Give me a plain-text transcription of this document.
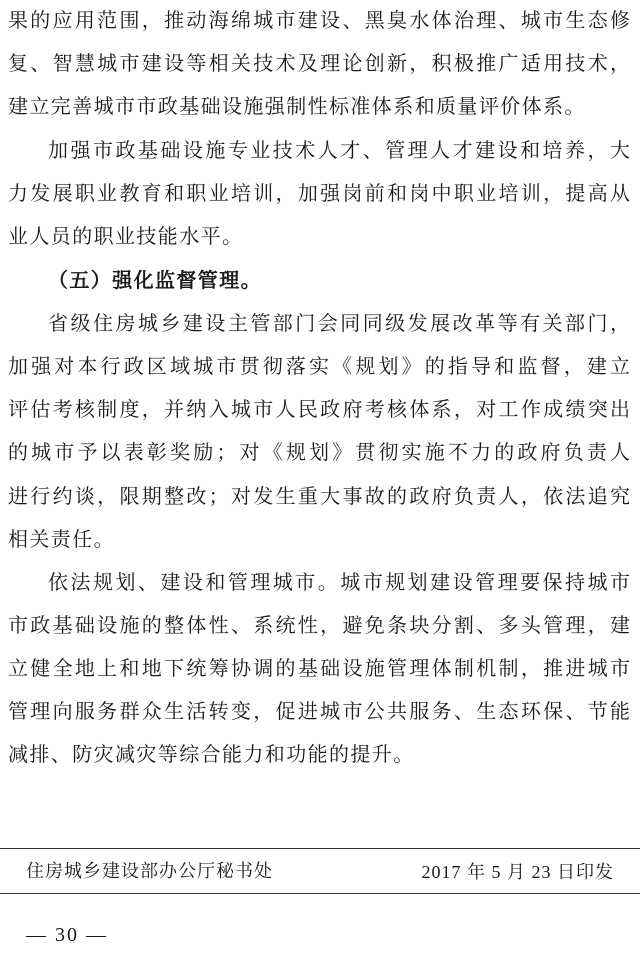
果的应用范围，推动海绵城市建设、黑臭水体治理、城市生态修
复、智慧城市建设等相关技术及理论创新，积极推广适用技术，
建立完善城市市政基础设施强制性标准体系和质量评价体系。
加强市政基础设施专业技术人才、管理人才建设和培养，大
力发展职业教育和职业培训，加强岗前和岗中职业培训，提高从
业人员的职业技能水平。
（五）强化监督管理。
省级住房城乡建设主管部门会同同级发展改革等有关部门，
加强对本行政区域城市贯彻落实《规划》的指导和监督，建立
评估考核制度，并纳入城市人民政府考核体系，对工作成绩突出
的城市予以表彰奖励；对《规划》贯彻实施不力的政府负责人
进行约谈，限期整改；对发生重大事故的政府负责人，依法追究
相关责任。
依法规划、建设和管理城市。城市规划建设管理要保持城市
市政基础设施的整体性、系统性，避免条块分割、多头管理，建
立健全地上和地下统筹协调的基础设施管理体制机制，推进城市
管理向服务群众生活转变，促进城市公共服务、生态环保、节能
减排、防灾减灾等综合能力和功能的提升。
住房城乡建设部办公厅秘书处	2017 年 5 月 23 日印发
— 30 —
